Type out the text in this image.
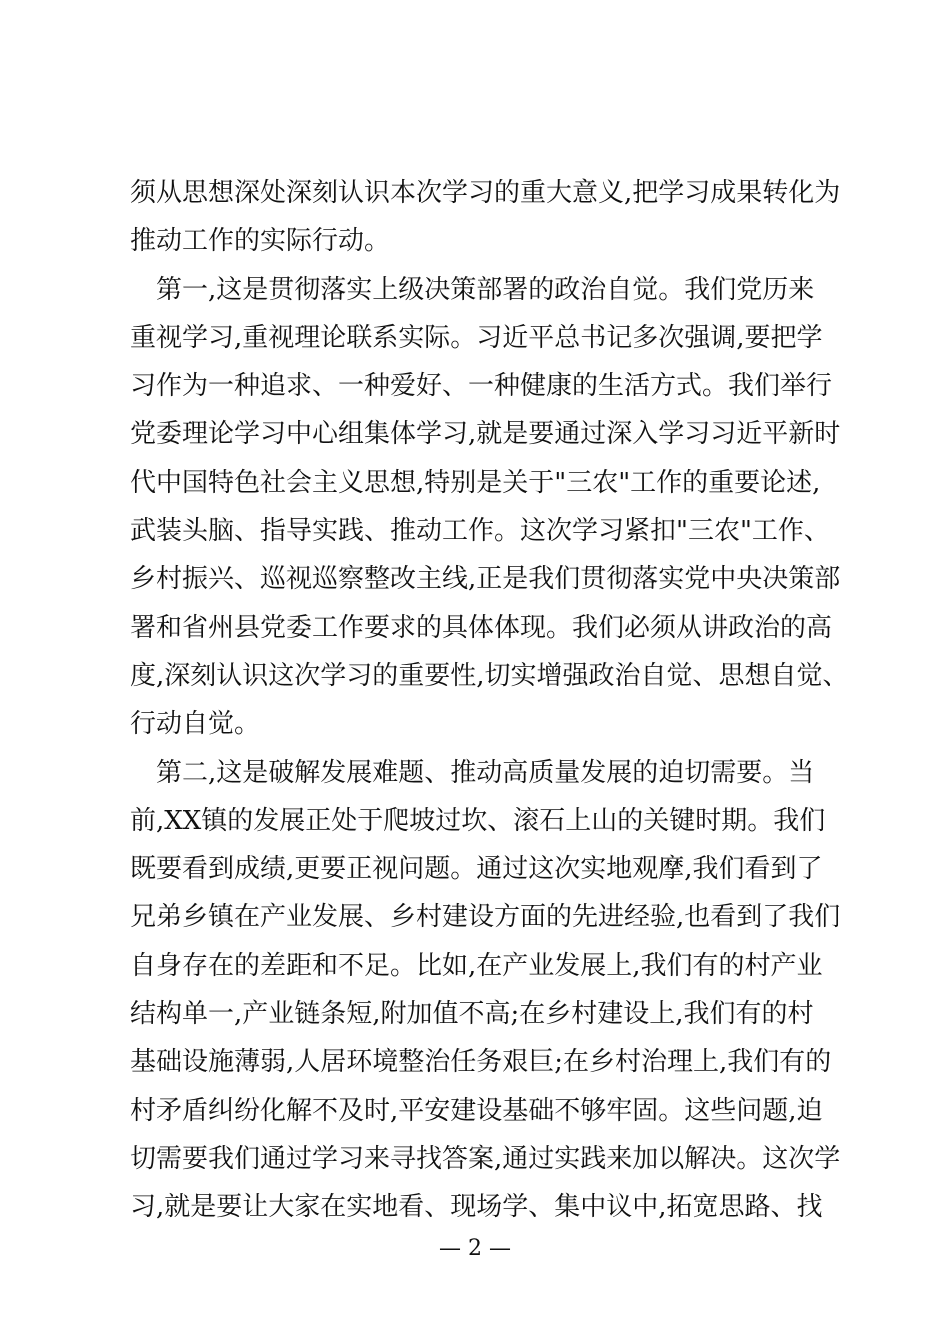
须从思想深处深刻认识本次学习的重大意义,把学习成果转化为
推动工作的实际行动。
　第一,这是贯彻落实上级决策部署的政治自觉。我们党历来
重视学习,重视理论联系实际。习近平总书记多次强调,要把学
习作为一种追求、一种爱好、一种健康的生活方式。我们举行
党委理论学习中心组集体学习,就是要通过深入学习习近平新时
代中国特色社会主义思想,特别是关于"三农"工作的重要论述,
武装头脑、指导实践、推动工作。这次学习紧扣"三农"工作、
乡村振兴、巡视巡察整改主线,正是我们贯彻落实党中央决策部
署和省州县党委工作要求的具体体现。我们必须从讲政治的高
度,深刻认识这次学习的重要性,切实增强政治自觉、思想自觉、
行动自觉。
　第二,这是破解发展难题、推动高质量发展的迫切需要。当
前,XX镇的发展正处于爬坡过坎、滚石上山的关键时期。我们
既要看到成绩,更要正视问题。通过这次实地观摩,我们看到了
兄弟乡镇在产业发展、乡村建设方面的先进经验,也看到了我们
自身存在的差距和不足。比如,在产业发展上,我们有的村产业
结构单一,产业链条短,附加值不高;在乡村建设上,我们有的村
基础设施薄弱,人居环境整治任务艰巨;在乡村治理上,我们有的
村矛盾纠纷化解不及时,平安建设基础不够牢固。这些问题,迫
切需要我们通过学习来寻找答案,通过实践来加以解决。这次学
习,就是要让大家在实地看、现场学、集中议中,拓宽思路、找
— 2 —
